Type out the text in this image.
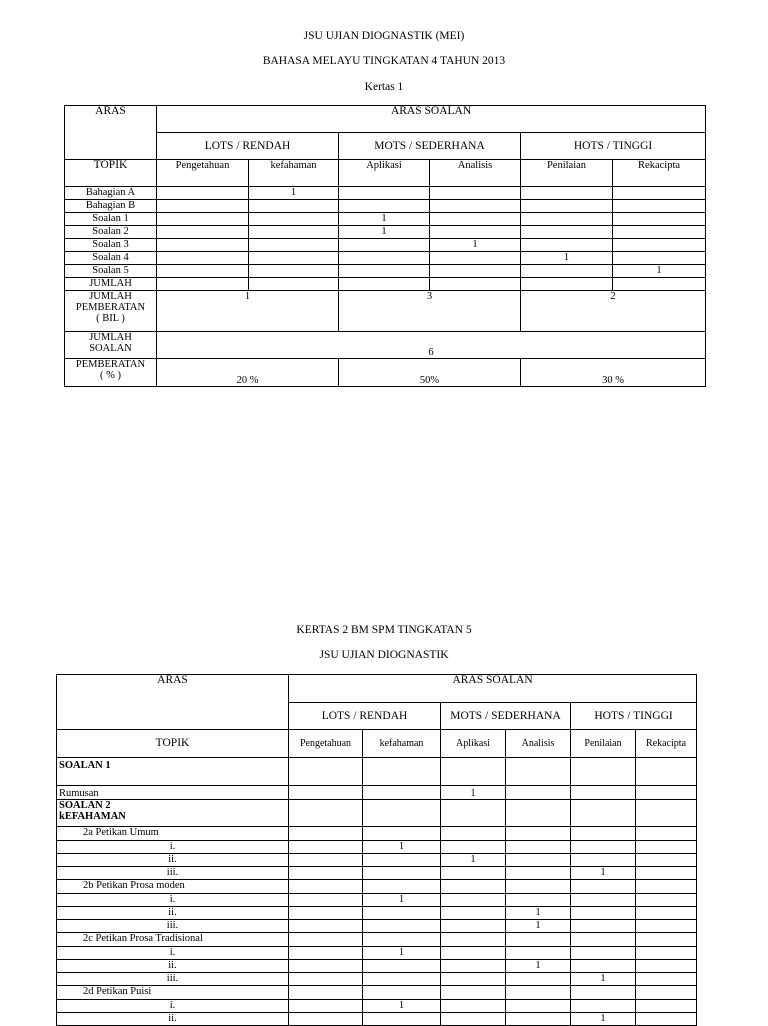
JSU UJIAN DIOGNASTIK (MEI)
BAHASA MELAYU TINGKATAN 4 TAHUN 2013
Kertas 1
ARAS	ARAS SOALAN					
	LOTS / RENDAH		MOTS / SEDERHANA		HOTS / TINGGI	
TOPIK	Pengetahuan	kefahaman	Aplikasi	Analisis	Penilaian	Rekacipta
Bahagian A		1				
Bahagian B						
Soalan 1			1			
Soalan 2			1			
Soalan 3				1		
Soalan 4					1	
Soalan 5						1
JUMLAH						
JUMLAH
PEMBERATAN
( BIL )	1		3		2	
JUMLAH
SOALAN	6					
PEMBERATAN
( % )	20 %		50%		30 %	
KERTAS 2 BM SPM TINGKATAN 5
JSU UJIAN DIOGNASTIK
ARAS	ARAS SOALAN					
	LOTS / RENDAH		MOTS / SEDERHANA		HOTS / TINGGI	
TOPIK	Pengetahuan	kefahaman	Aplikasi	Analisis	Penilaian	Rekacipta
SOALAN 1						
Rumusan			1			
SOALAN 2
kEFAHAMAN						
2a Petikan Umum						
i.		1				
ii.			1			
iii.					1	
2b Petikan Prosa moden						
i.		1				
ii.				1		
iii.				1		
2c Petikan Prosa Tradisional						
i.		1				
ii.				1		
iii.					1	
2d Petikan Puisi						
i.		1				
ii.					1	
